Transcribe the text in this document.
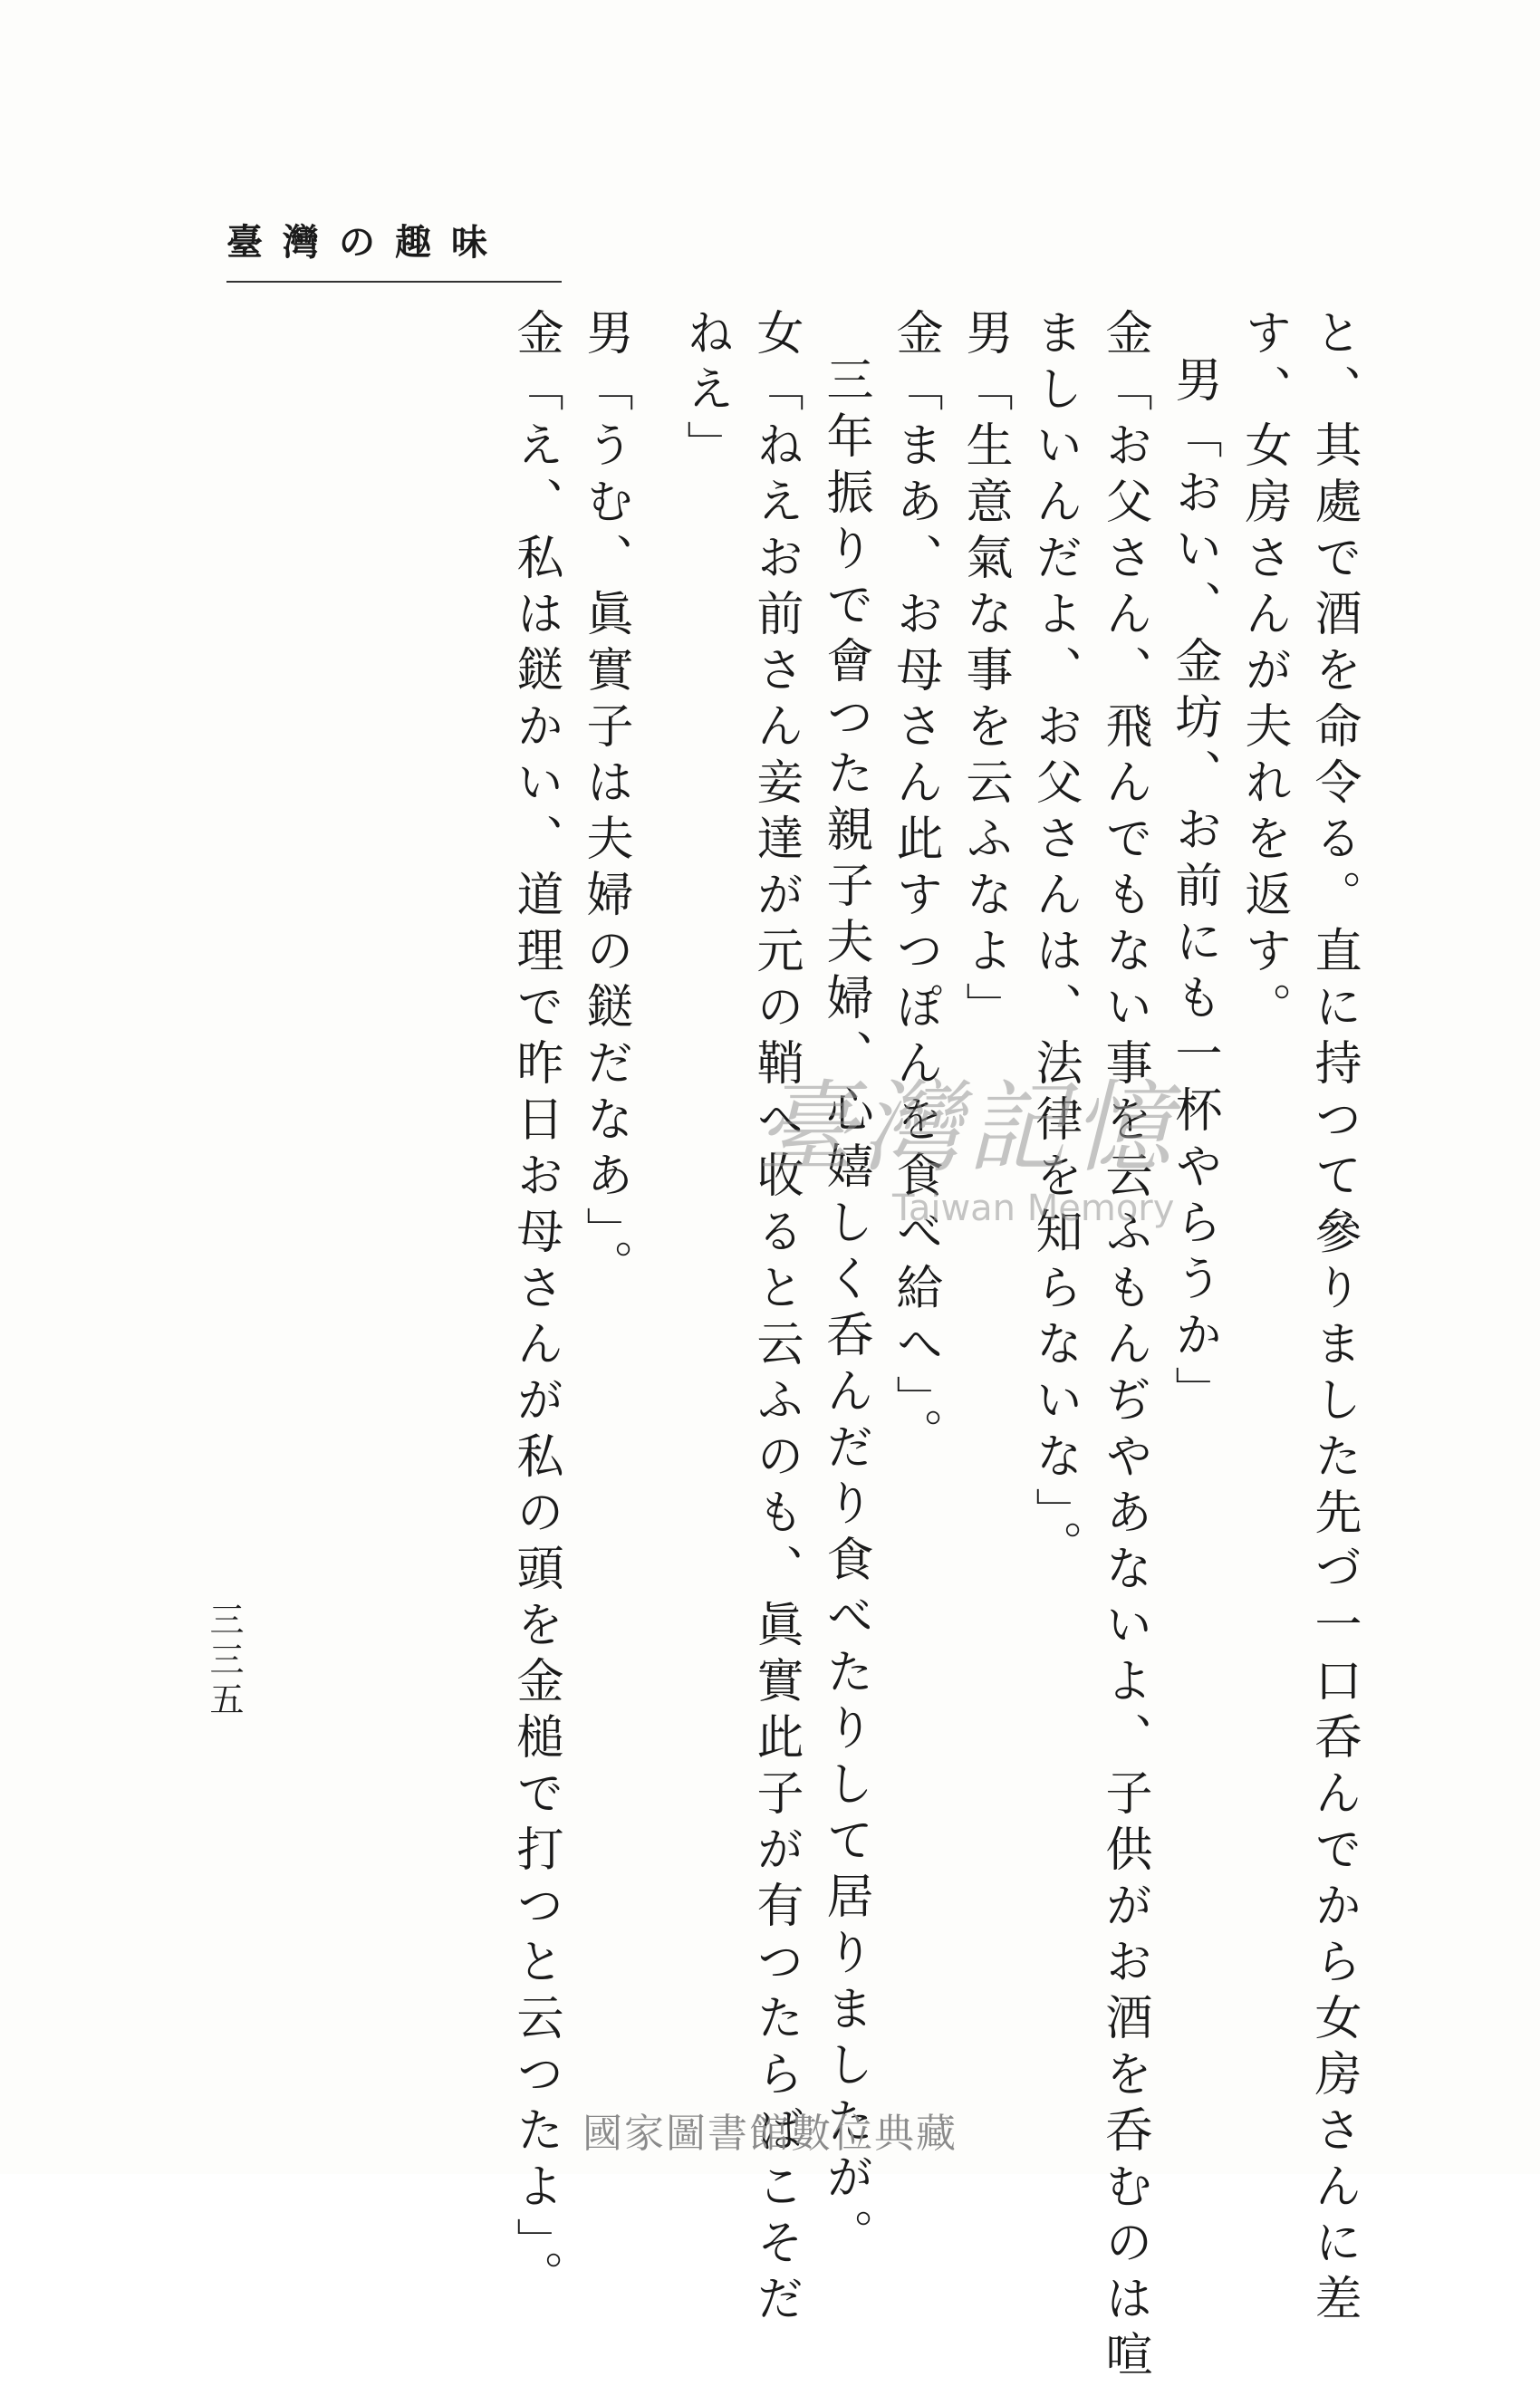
臺灣の趣味
と、其處で酒を命令る。直に持つて參りました先づ一口呑んでから女房さんに差
す、女房さんが夫れを返す。
男「おい、金坊、お前にも一杯やらうか」
金「お父さん、飛んでもない事を云ふもんぢやあないよ、子供がお酒を呑むのは喧
ましいんだよ、お父さんは、法律を知らないな」。
男「生意氣な事を云ふなよ」
金「まあ、お母さん此すつぽんを食べ給へ」。
三年振りで會つた親子夫婦、心嬉しく呑んだり食べたりして居りましたが。
女「ねえお前さん妾達が元の鞘へ收ると云ふのも、眞實此子が有つたらばこそだ
ねえ」
男「うむ、眞實子は夫婦の鎹だなあ」。
金「え、私は鎹かい、道理で昨日お母さんが私の頭を金槌で打つと云つたよ」。
三三五
臺灣記憶
Taiwan Memory
國家圖書館數位典藏
